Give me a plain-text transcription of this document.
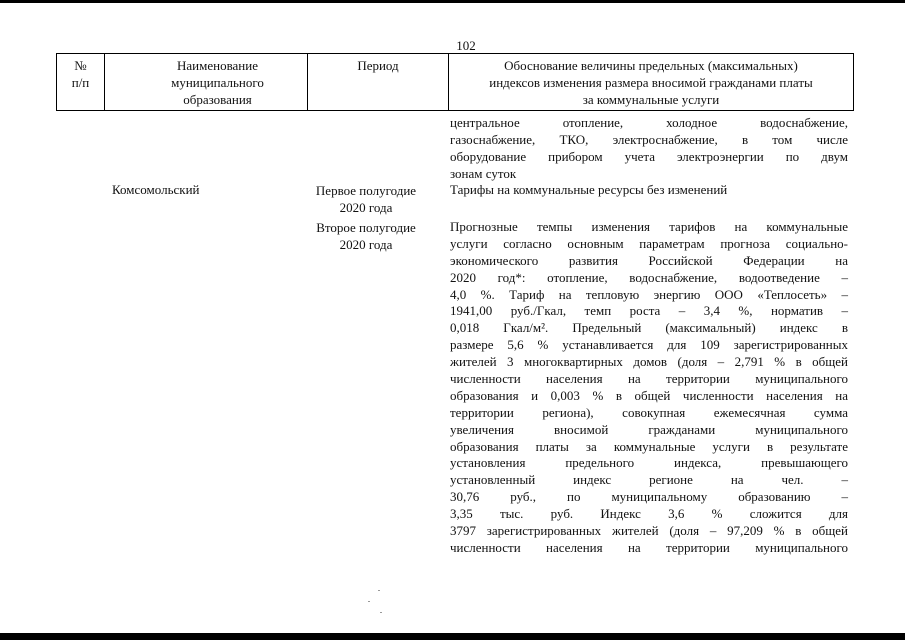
102
№
п/п
Наименование
муниципального
образования
Период	Обоснование величины предельных (максимальных)
индексов изменения размера вносимой гражданами платы
за коммунальные услуги
центральное отопление, холодное водоснабжение,
газоснабжение, ТКО, электроснабжение, в том числе
оборудование прибором учета электроэнергии по двум
зонам суток
Комсомольский	Первое полугодие
2020 года
Тарифы на коммунальные ресурсы без изменений
Второе полугодие
2020 года
Прогнозные темпы изменения тарифов на коммунальные
услуги согласно основным параметрам прогноза социально-
экономического развития Российской Федерации на
2020 год*: отопление, водоснабжение, водоотведение –
4,0 %. Тариф на тепловую энергию ООО «Теплосеть» –
1941,00 руб./Гкал, темп роста – 3,4 %, норматив –
0,018 Гкал/м². Предельный (максимальный) индекс в
размере 5,6 % устанавливается для 109 зарегистрированных
жителей 3 многоквартирных домов (доля – 2,791 % в общей
численности населения на территории муниципального
образования и 0,003 % в общей численности населения на
территории региона), совокупная ежемесячная сумма
увеличения вносимой гражданами муниципального
образования платы за коммунальные услуги в результате
установления предельного индекса, превышающего
установленный индекс регионе на чел. –
30,76 руб., по муниципальному образованию –
3,35 тыс. руб. Индекс 3,6 % сложится для
3797 зарегистрированных жителей (доля – 97,209 % в общей
численности населения на территории муниципального
